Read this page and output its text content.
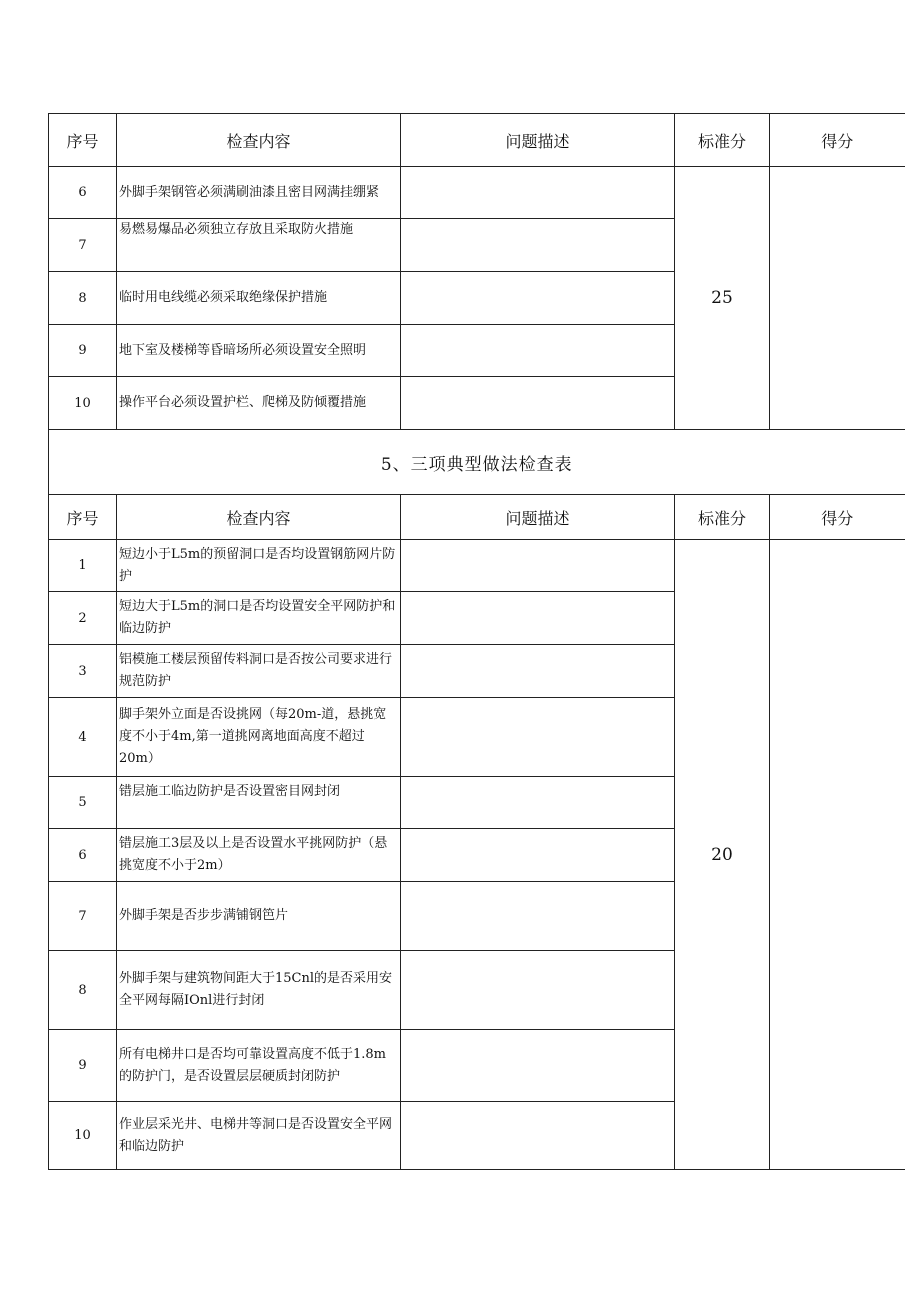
序号	检查内容	问题描述	标准分	得分
6	外脚手架钢管必须满刷油漆且密目网满挂绷紧		25	
7	易燃易爆品必须独立存放且采取防火措施			
8	临时用电线缆必须采取绝缘保护措施			
9	地下室及楼梯等昏暗场所必须设置安全照明			
10	操作平台必须设置护栏、爬梯及防倾覆措施			
5、三项典型做法检查表				
序号	检查内容	问题描述	标准分	得分
1	短边小于L5m的预留洞口是否均设置钢筋网片防护		20	
2	短边大于L5m的洞口是否均设置安全平网防护和临边防护			
3	铝模施工楼层预留传料洞口是否按公司要求进行规范防护			
4	脚手架外立面是否设挑网（每20m-道，悬挑宽度不小于4m,第一道挑网离地面高度不超过20m）			
5	错层施工临边防护是否设置密目网封闭			
6	错层施工3层及以上是否设置水平挑网防护（悬挑宽度不小于2m）			
7	外脚手架是否步步满铺钢笆片			
8	外脚手架与建筑物间距大于15Cnl的是否采用安全平网每隔IOnl进行封闭			
9	所有电梯井口是否均可靠设置高度不低于1.8m的防护门，是否设置层层硬质封闭防护			
10	作业层采光井、电梯井等洞口是否设置安全平网和临边防护			
